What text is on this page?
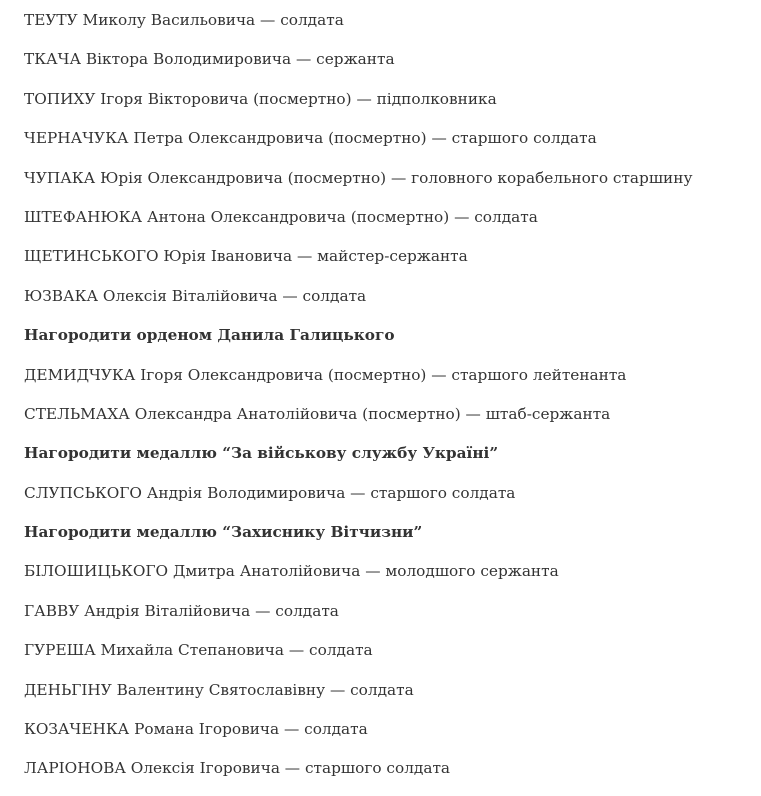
ТЕУТУ Миколу Васильовича — солдата

ТКАЧА Віктора Володимировича — сержанта

ТОПИХУ Ігоря Вікторовича (посмертно) — підполковника

ЧЕРНАЧУКА Петра Олександровича (посмертно) — старшого солдата

ЧУПАКА Юрія Олександровича (посмертно) — головного корабельного старшину

ШТЕФАНЮКА Антона Олександровича (посмертно) — солдата

ЩЕТИНСЬКОГО Юрія Івановича — майстер-сержанта

ЮЗВАКА Олексія Віталійовича — солдата

Нагородити орденом Данила Галицького

ДЕМИДЧУКА Ігоря Олександровича (посмертно) — старшого лейтенанта

СТЕЛЬМАХА Олександра Анатолійовича (посмертно) — штаб-сержанта

Нагородити медаллю “За військову службу Україні”

СЛУПСЬКОГО Андрія Володимировича — старшого солдата

Нагородити медаллю “Захиснику Вітчизни”

БІЛОШИЦЬКОГО Дмитра Анатолійовича — молодшого сержанта

ГАВВУ Андрія Віталійовича — солдата

ГУРЕША Михайла Степановича — солдата

ДЕНЬГІНУ Валентину Святославівну — солдата

КОЗАЧЕНКА Романа Ігоровича — солдата

ЛАРІОНОВА Олексія Ігоровича — старшого солдата
